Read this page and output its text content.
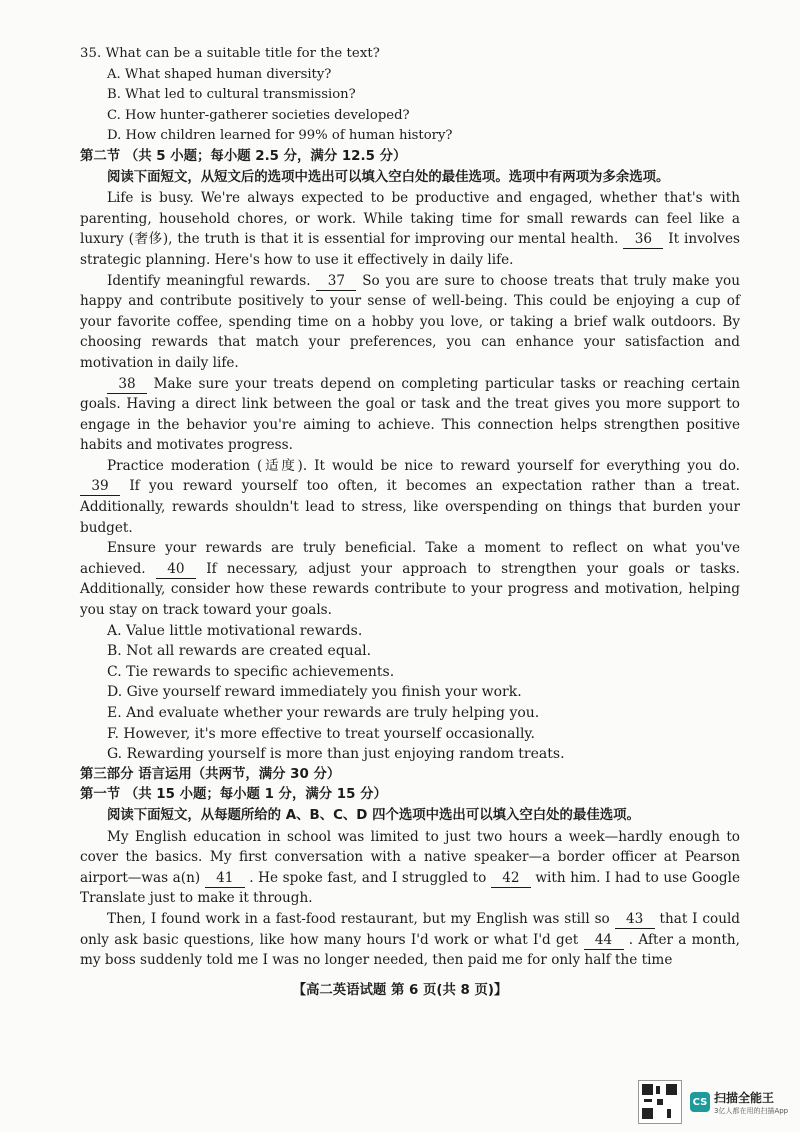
35. What can be a suitable title for the text?

A. What shaped human diversity?

B. What led to cultural transmission?

C. How hunter-gatherer societies developed?

D. How children learned for 99% of human history?

第二节 （共 5 小题；每小题 2.5 分，满分 12.5 分）

阅读下面短文，从短文后的选项中选出可以填入空白处的最佳选项。选项中有两项为多余选项。

Life is busy. We're always expected to be productive and engaged, whether that's with parenting, household chores, or work. While taking time for small rewards can feel like a luxury (奢侈), the truth is that it is essential for improving our mental health. 36 It involves strategic planning. Here's how to use it effectively in daily life.

Identify meaningful rewards. 37 So you are sure to choose treats that truly make you happy and contribute positively to your sense of well-being. This could be enjoying a cup of your favorite coffee, spending time on a hobby you love, or taking a brief walk outdoors. By choosing rewards that match your preferences, you can enhance your satisfaction and motivation in daily life.

38 Make sure your treats depend on completing particular tasks or reaching certain goals. Having a direct link between the goal or task and the treat gives you more support to engage in the behavior you're aiming to achieve. This connection helps strengthen positive habits and motivates progress.

Practice moderation (适度). It would be nice to reward yourself for everything you do. 39 If you reward yourself too often, it becomes an expectation rather than a treat. Additionally, rewards shouldn't lead to stress, like overspending on things that burden your budget.

Ensure your rewards are truly beneficial. Take a moment to reflect on what you've achieved. 40 If necessary, adjust your approach to strengthen your goals or tasks. Additionally, consider how these rewards contribute to your progress and motivation, helping you stay on track toward your goals.

A. Value little motivational rewards.

B. Not all rewards are created equal.

C. Tie rewards to specific achievements.

D. Give yourself reward immediately you finish your work.

E. And evaluate whether your rewards are truly helping you.

F. However, it's more effective to treat yourself occasionally.

G. Rewarding yourself is more than just enjoying random treats.

第三部分 语言运用（共两节，满分 30 分）

第一节 （共 15 小题；每小题 1 分，满分 15 分）

阅读下面短文，从每题所给的 A、B、C、D 四个选项中选出可以填入空白处的最佳选项。

My English education in school was limited to just two hours a week—hardly enough to cover the basics. My first conversation with a native speaker—a border officer at Pearson airport—was a(n) 41 . He spoke fast, and I struggled to 42 with him. I had to use Google Translate just to make it through.

Then, I found work in a fast-food restaurant, but my English was still so 43 that I could only ask basic questions, like how many hours I'd work or what I'd get 44 . After a month, my boss suddenly told me I was no longer needed, then paid me for only half the time

【高二英语试题 第 6 页(共 8 页)】
CS 扫描全能王
3亿人都在用的扫描App
